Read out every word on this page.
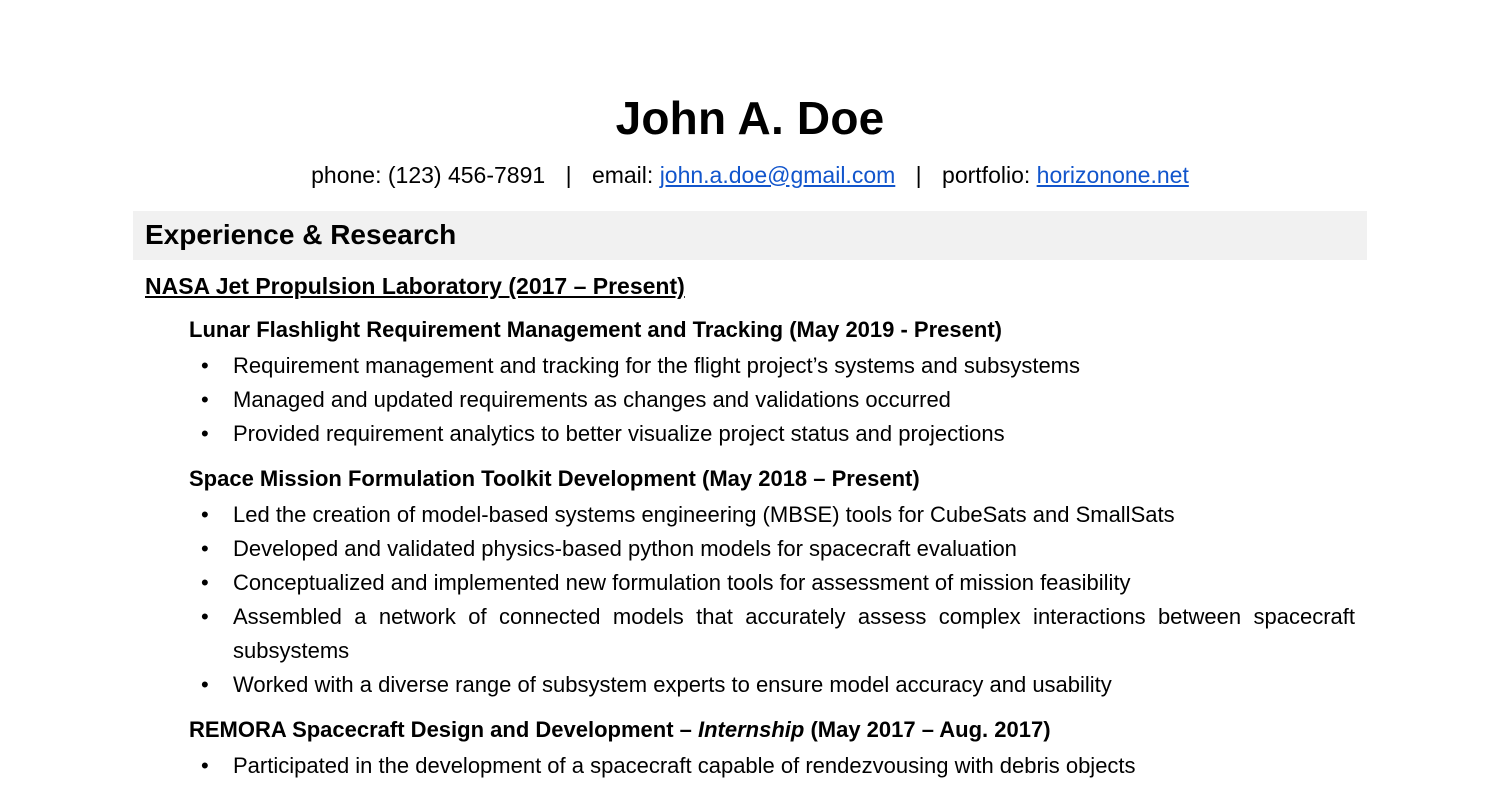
John A. Doe
phone: (123) 456-7891 | email: john.a.doe@gmail.com | portfolio: horizonone.net
Experience & Research
NASA Jet Propulsion Laboratory (2017 – Present)
Lunar Flashlight Requirement Management and Tracking (May 2019 - Present)
• Requirement management and tracking for the flight project’s systems and subsystems
• Managed and updated requirements as changes and validations occurred
• Provided requirement analytics to better visualize project status and projections
Space Mission Formulation Toolkit Development (May 2018 – Present)
• Led the creation of model-based systems engineering (MBSE) tools for CubeSats and SmallSats
• Developed and validated physics-based python models for spacecraft evaluation
• Conceptualized and implemented new formulation tools for assessment of mission feasibility
• Assembled a network of connected models that accurately assess complex interactions between spacecraft subsystems
• Worked with a diverse range of subsystem experts to ensure model accuracy and usability
REMORA Spacecraft Design and Development – Internship (May 2017 – Aug. 2017)
• Participated in the development of a spacecraft capable of rendezvousing with debris objects
